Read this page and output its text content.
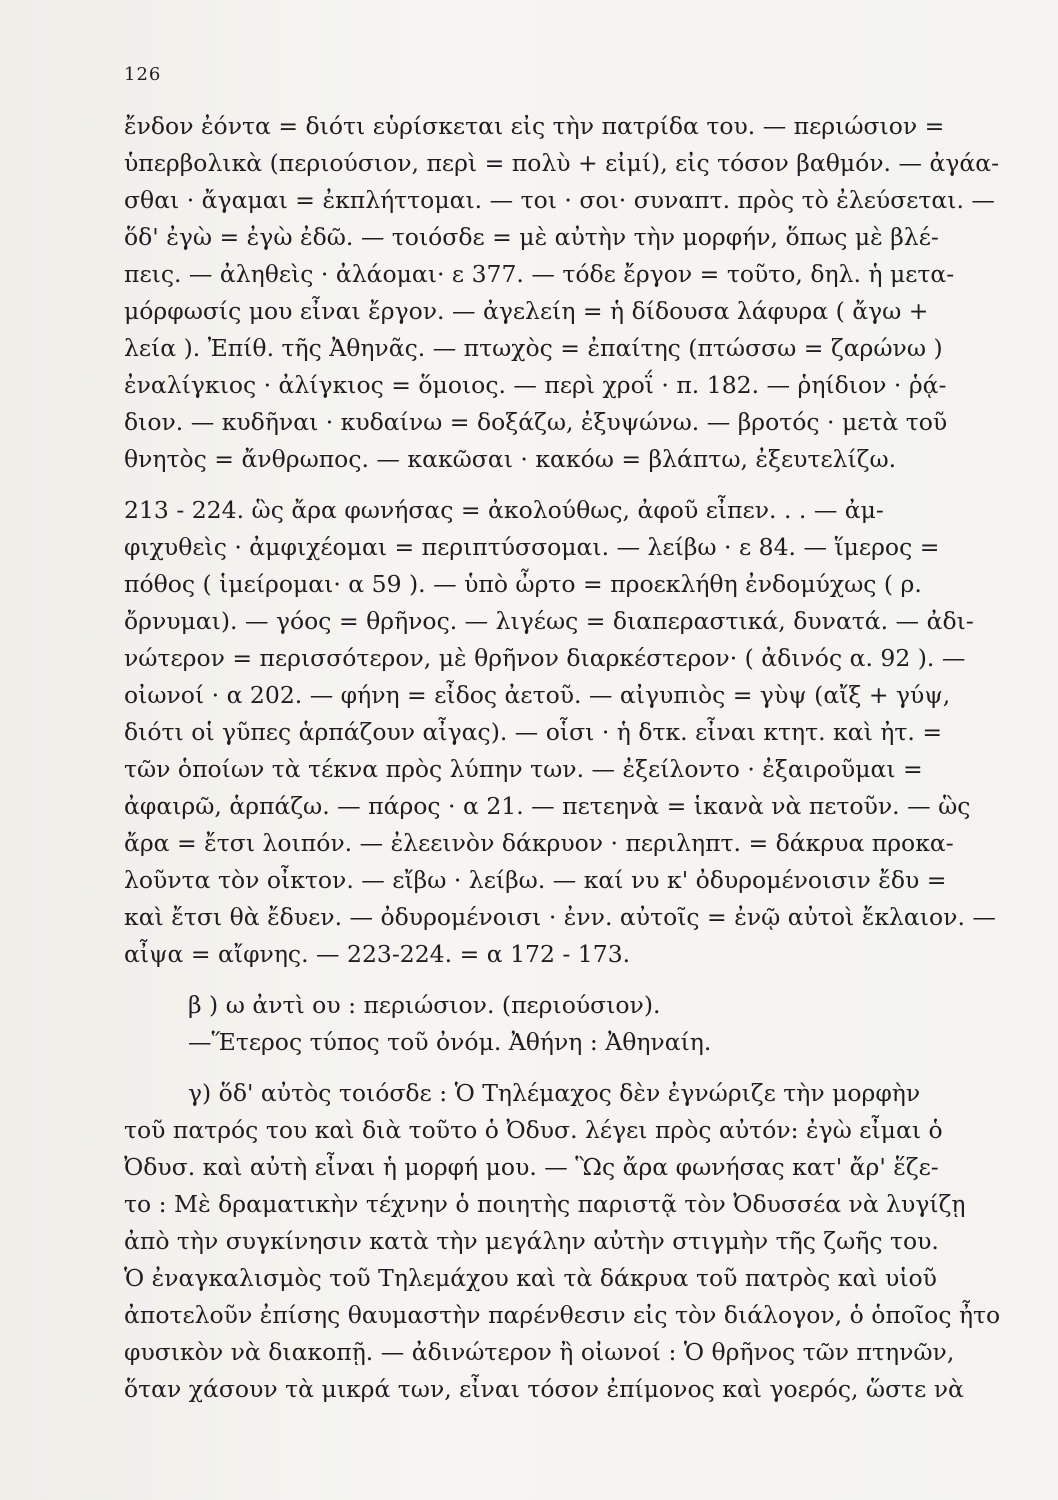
126
ἔνδον ἐόντα = διότι εὑρίσκεται εἰς τὴν πατρίδα του. — περιώσιον =
ὑπερβολικὰ (περιούσιον, περὶ = πολὺ + εἰμί), εἰς τόσον βαθμόν. — ἀγάα-
σθαι · ἄγαμαι = ἐκπλήττομαι. — τοι · σοι· συναπτ. πρὸς τὸ ἐλεύσεται. —
ὅδ' ἐγὼ = ἐγὼ ἐδῶ. — τοιόσδε = μὲ αὐτὴν τὴν μορφήν, ὅπως μὲ βλέ-
πεις. — ἀληθεὶς · ἀλάομαι· ε 377. — τόδε ἔργον = τοῦτο, δηλ. ἡ μετα-
μόρφωσίς μου εἶναι ἔργον. — ἀγελείη = ἡ δίδουσα λάφυρα ( ἄγω +
λεία ). Ἐπίθ. τῆς Ἀθηνᾶς. — πτωχὸς = ἐπαίτης (πτώσσω = ζαρώνω )
ἐναλίγκιος · ἀλίγκιος = ὅμοιος. — περὶ χροΐ · π. 182. — ῥηίδιον · ῥᾴ-
διον. — κυδῆναι · κυδαίνω = δοξάζω, ἐξυψώνω. — βροτός · μετὰ τοῦ
θνητὸς = ἄνθρωπος. — κακῶσαι · κακόω = βλάπτω, ἐξευτελίζω.
213 - 224. ὣς ἄρα φωνήσας = ἀκολούθως, ἀφοῦ εἶπεν. . . — ἀμ-
φιχυθεὶς · ἀμφιχέομαι = περιπτύσσομαι. — λείβω · ε 84. — ἵμερος =
πόθος ( ἱμείρομαι· α 59 ). — ὑπὸ ὦρτο = προεκλήθη ἐνδομύχως ( ρ.
ὄρνυμαι). — γόος = θρῆνος. — λιγέως = διαπεραστικά, δυνατά. — ἀδι-
νώτερον = περισσότερον, μὲ θρῆνον διαρκέστερον· ( ἀδινός α. 92 ). —
οἰωνοί · α 202. — φήνη = εἶδος ἀετοῦ. — αἰγυπιὸς = γὺψ (αἴξ + γύψ,
διότι οἱ γῦπες ἁρπάζουν αἶγας). — οἷσι · ἡ δτκ. εἶναι κτητ. καὶ ἠτ. =
τῶν ὁποίων τὰ τέκνα πρὸς λύπην των. — ἐξείλοντο · ἐξαιροῦμαι =
ἀφαιρῶ, ἁρπάζω. — πάρος · α 21. — πετεηνὰ = ἱκανὰ νὰ πετοῦν. — ὣς
ἄρα = ἔτσι λοιπόν. — ἐλεεινὸν δάκρυον · περιληπτ. = δάκρυα προκα-
λοῦντα τὸν οἶκτον. — εἴβω · λείβω. — καί νυ κ' ὀδυρομένοισιν ἔδυ =
καὶ ἔτσι θὰ ἔδυεν. — ὀδυρομένοισι · ἐνν. αὐτοῖς = ἐνῷ αὐτοὶ ἔκλαιον. —
αἶψα = αἴφνης. — 223-224. = α 172 - 173.
β ) ω ἀντὶ ου : περιώσιον. (περιούσιον).
—Ἕτερος τύπος τοῦ ὀνόμ. Ἀθήνη : Ἀθηναίη.
γ) ὅδ' αὐτὸς τοιόσδε : Ὁ Τηλέμαχος δὲν ἐγνώριζε τὴν μορφὴν
τοῦ πατρός του καὶ διὰ τοῦτο ὁ Ὀδυσ. λέγει πρὸς αὐτόν: ἐγὼ εἶμαι ὁ
Ὀδυσ. καὶ αὐτὴ εἶναι ἡ μορφή μου. — Ὣς ἄρα φωνήσας κατ' ἄρ' ἕζε-
το : Μὲ δραματικὴν τέχνην ὁ ποιητὴς παριστᾷ τὸν Ὀδυσσέα νὰ λυγίζῃ
ἀπὸ τὴν συγκίνησιν κατὰ τὴν μεγάλην αὐτὴν στιγμὴν τῆς ζωῆς του.
Ὁ ἐναγκαλισμὸς τοῦ Τηλεμάχου καὶ τὰ δάκρυα τοῦ πατρὸς καὶ υἱοῦ
ἀποτελοῦν ἐπίσης θαυμαστὴν παρένθεσιν εἰς τὸν διάλογον, ὁ ὁποῖος ἦτο
φυσικὸν νὰ διακοπῇ. — ἀδινώτερον ἢ οἰωνοί : Ὁ θρῆνος τῶν πτηνῶν,
ὅταν χάσουν τὰ μικρά των, εἶναι τόσον ἐπίμονος καὶ γοερός, ὥστε νὰ
